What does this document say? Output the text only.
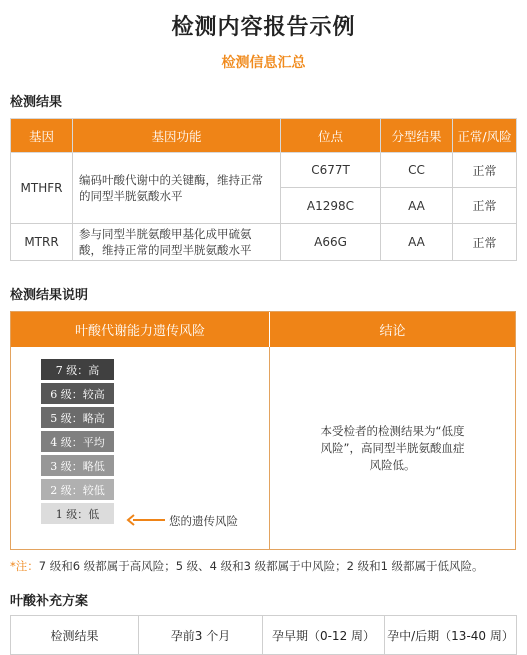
检测内容报告示例
检测信息汇总
检测结果
基因	基因功能	位点	分型结果	正常/风险
MTHFR	编码叶酸代谢中的关键酶，维持正常的同型半胱氨酸水平	C677T	CC	正常
		A1298C	AA	正常
MTRR	参与同型半胱氨酸甲基化成甲硫氨酸，维持正常的同型半胱氨酸水平	A66G	AA	正常
检测结果说明
叶酸代谢能力遗传风险	结论
7 级：高
6 级：较高
5 级：略高
4 级：平均
3 级：略低
2 级：较低
1 级：低	您的遗传风险
本受检者的检测结果为“低度风险”，高同型半胱氨酸血症风险低。
*注：7 级和6 级都属于高风险；5 级、4 级和3 级都属于中风险；2 级和1 级都属于低风险。
叶酸补充方案
检测结果	孕前3 个月	孕早期（0-12 周）	孕中/后期（13-40 周）
